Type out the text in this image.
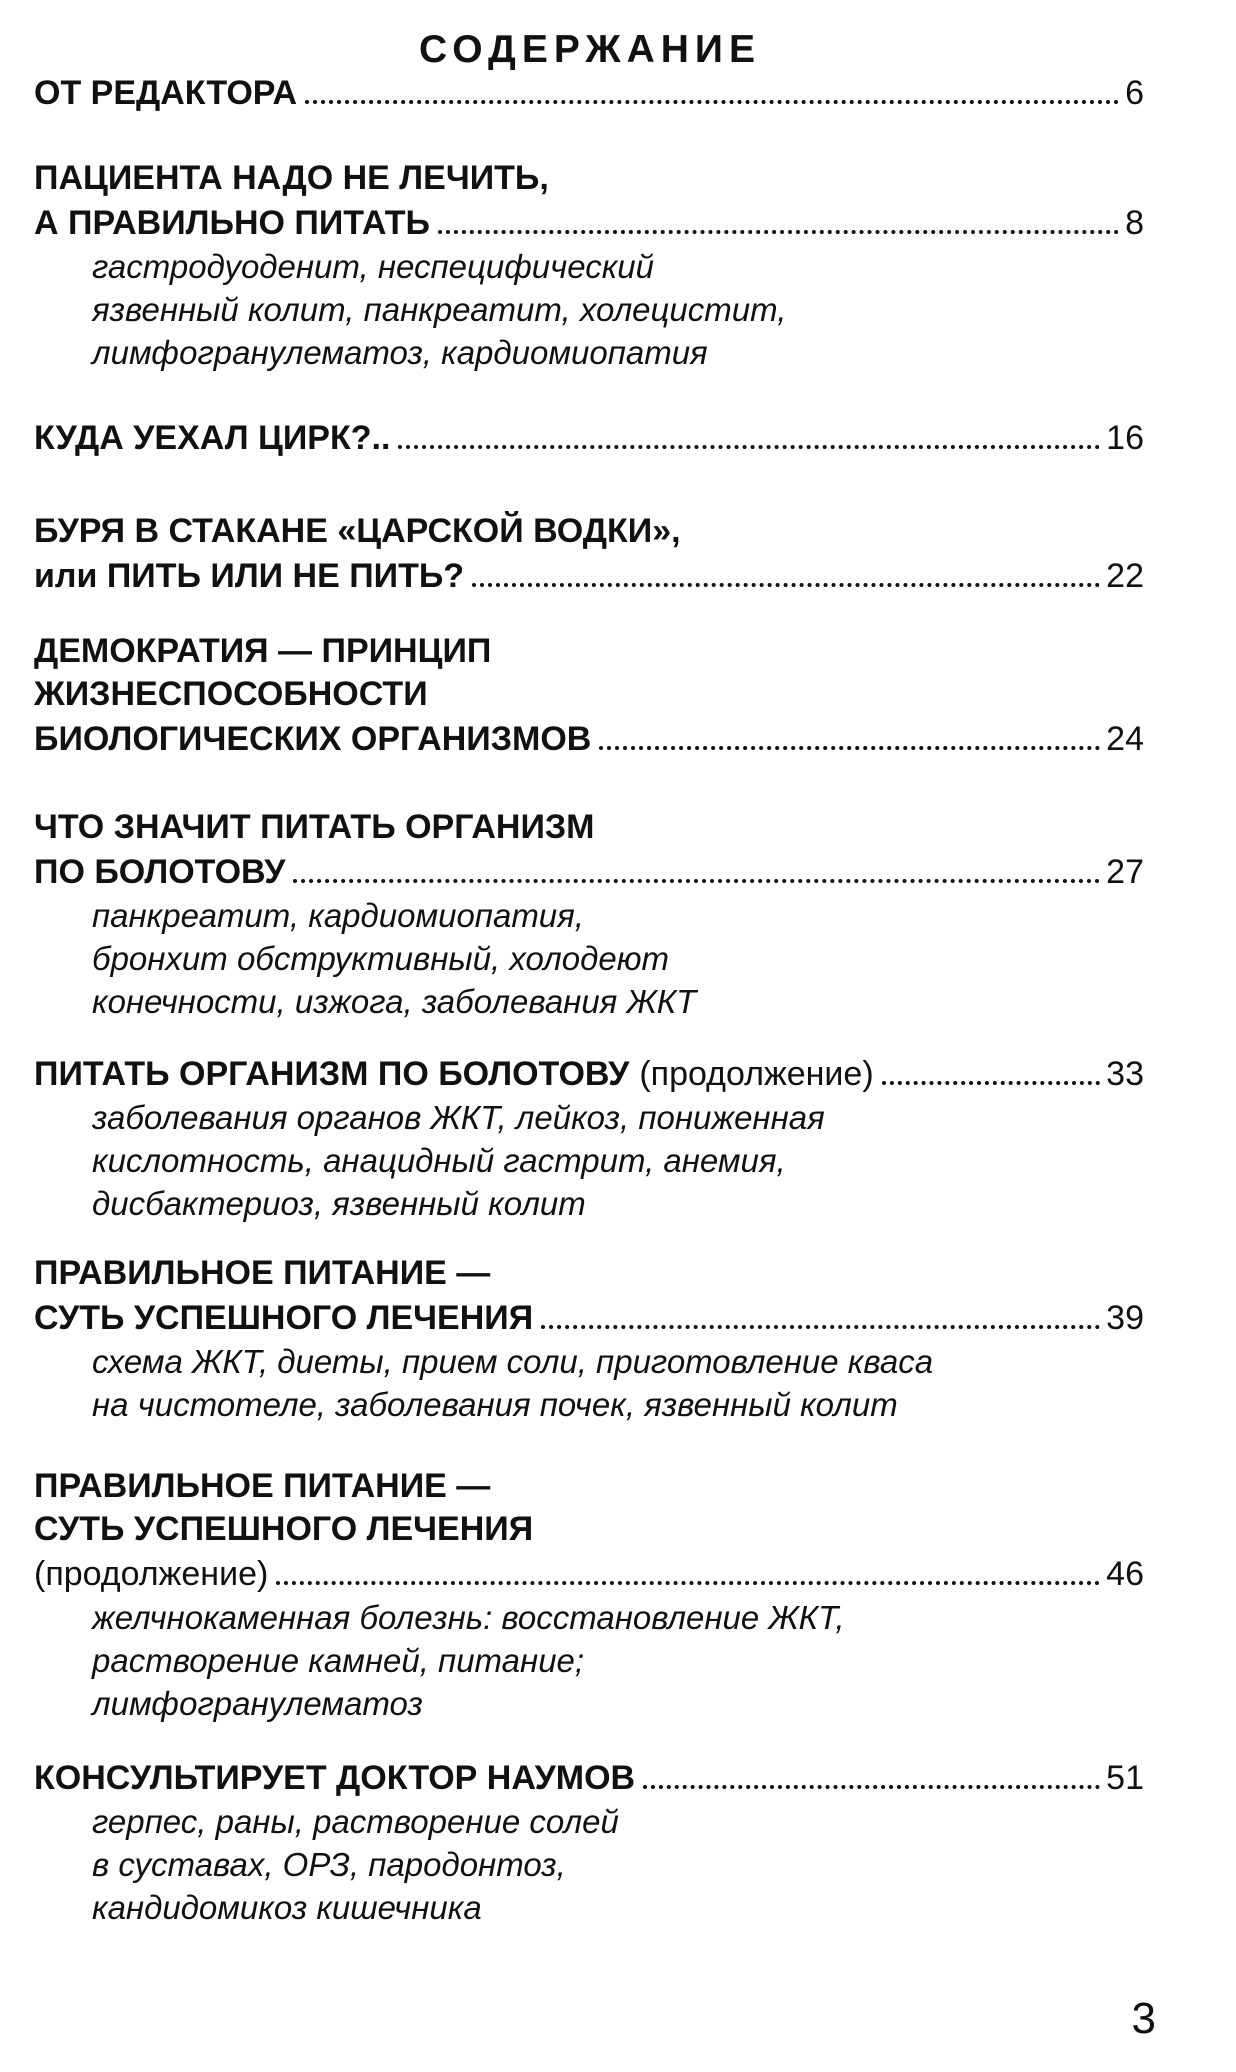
СОДЕРЖАНИЕ
ОТ РЕДАКТОРА	6
ПАЦИЕНТА НАДО НЕ ЛЕЧИТЬ,
А ПРАВИЛЬНО ПИТАТЬ	8
гастродуоденит, неспецифический
язвенный колит, панкреатит, холецистит,
лимфогранулематоз, кардиомиопатия
КУДА УЕХАЛ ЦИРК?..	16
БУРЯ В СТАКАНЕ «ЦАРСКОЙ ВОДКИ»,
или ПИТЬ ИЛИ НЕ ПИТЬ?	22
ДЕМОКРАТИЯ — ПРИНЦИП
ЖИЗНЕСПОСОБНОСТИ
БИОЛОГИЧЕСКИХ ОРГАНИЗМОВ	24
ЧТО ЗНАЧИТ ПИТАТЬ ОРГАНИЗМ
ПО БОЛОТОВУ	27
панкреатит, кардиомиопатия,
бронхит обструктивный, холодеют
конечности, изжога, заболевания ЖКТ
ПИТАТЬ ОРГАНИЗМ ПО БОЛОТОВУ (продолжение)	33
заболевания органов ЖКТ, лейкоз, пониженная
кислотность, анацидный гастрит, анемия,
дисбактериоз, язвенный колит
ПРАВИЛЬНОЕ ПИТАНИЕ —
СУТЬ УСПЕШНОГО ЛЕЧЕНИЯ	39
схема ЖКТ, диеты, прием соли, приготовление кваса
на чистотеле, заболевания почек, язвенный колит
ПРАВИЛЬНОЕ ПИТАНИЕ —
СУТЬ УСПЕШНОГО ЛЕЧЕНИЯ
(продолжение)	46
желчнокаменная болезнь: восстановление ЖКТ,
растворение камней, питание;
лимфогранулематоз
КОНСУЛЬТИРУЕТ ДОКТОР НАУМОВ	51
герпес, раны, растворение солей
в суставах, ОРЗ, пародонтоз,
кандидомикоз кишечника
3
